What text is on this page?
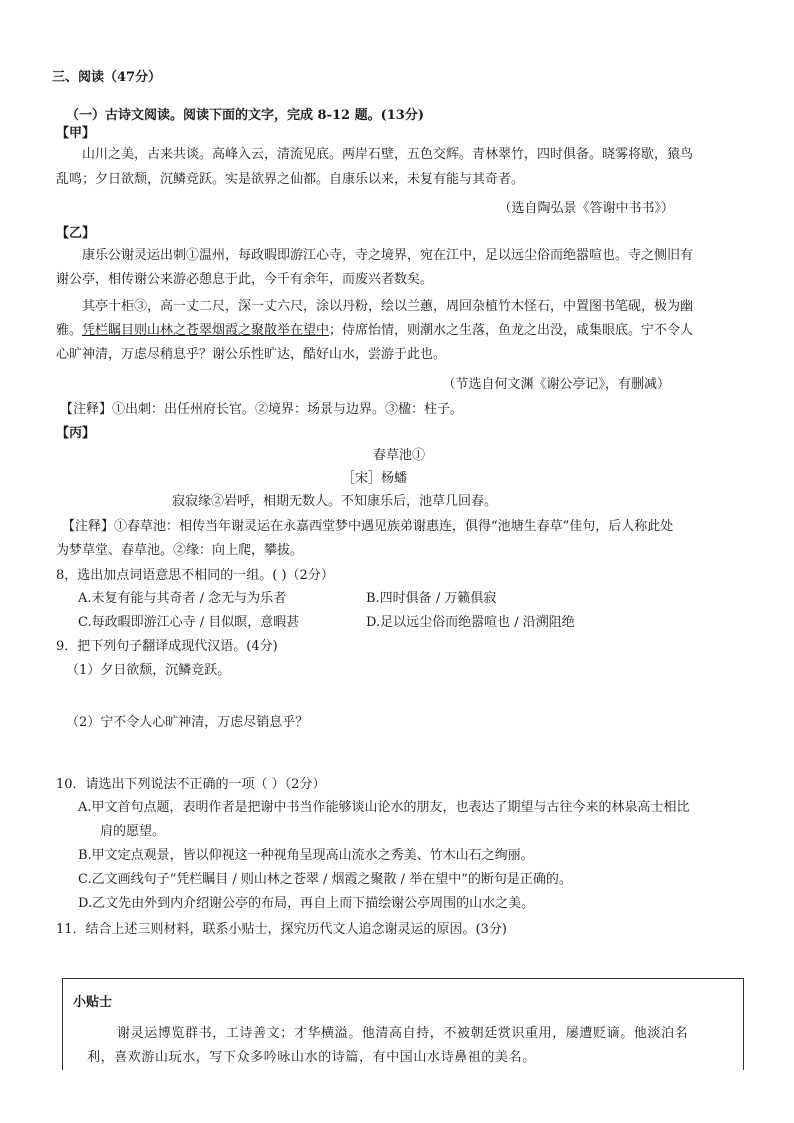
三、阅读（47分）
（一）古诗文阅读。阅读下面的文字，完成 8-12 题。(13分)
【甲】
山川之美，古来共谈。高峰入云，清流见底。两岸石壁，五色交辉。青林翠竹，四时俱备。晓雾将歇，猿鸟
乱鸣；夕日欲颓，沉鳞竞跃。实是欲界之仙都。自康乐以来，未复有能与其奇者。
（选自陶弘景《答谢中书书》）
【乙】
康乐公谢灵运出刺①温州，每政暇即游江心寺，寺之境界，宛在江中，足以远尘俗而绝嚣喧也。寺之侧旧有
谢公亭，相传谢公来游必憩息于此，今千有余年，而废兴者数矣。
其亭十柜③，高一丈二尺，深一丈六尺，涂以丹粉，绘以兰蕙，周回杂植竹木怪石，中置图书笔砚，极为幽
雅。凭栏瞩目则山林之苍翠烟霞之聚散举在望中；侍席怡情，则潮水之生落，鱼龙之出没，咸集眼底。宁不令人
心旷神清，万虑尽稍息乎？谢公乐性旷达，酷好山水，尝游于此也。
（节选自何文渊《谢公亭记》，有删减）
【注释】①出刺：出任州府长官。②境界：场景与边界。③楹：柱子。
【丙】
春草池①
［宋］杨蟠
寂寂缘②岩呼，相期无数人。不知康乐后，池草几回春。
【注释】①春草池：相传当年谢灵运在永嘉西堂梦中遇见族弟谢惠连，俱得“池塘生春草”佳句，后人称此处
为梦草堂、春草池。②缘：向上爬，攀拔。
8，选出加点词语意思不相同的一组。( )（2分）
A.未复有能与其奇者 / 念无与为乐者	B.四时俱备 / 万籁俱寂
C.每政暇即游江心寺 / 目似瞑，意暇甚	D.足以远尘俗而绝嚣喧也 / 沿溯阻绝
9．把下列句子翻译成现代汉语。(4分)
（1）夕日欲颓，沉鳞竞跃。
（2）宁不令人心旷神清，万虑尽销息乎？
10．请选出下列说法不正确的一项（ ）（2分）
A.甲文首句点题，表明作者是把谢中书当作能够谈山论水的朋友，也表达了期望与古往今来的林泉高士相比
肩的愿望。
B.甲文定点观景，皆以仰视这一种视角呈现高山流水之秀美、竹木山石之绚丽。
C.乙文画线句子“凭栏瞩目 / 则山林之苍翠 / 烟霞之聚散 / 举在望中”的断句是正确的。
D.乙文先由外到内介绍谢公亭的布局，再自上而下描绘谢公亭周围的山水之美。
11．结合上述三则材料，联系小贴士，探究历代文人追念谢灵运的原因。(3分)
小贴士
谢灵运博览群书，工诗善文；才华横溢。他清高自持，不被朝廷赏识重用，屡遭贬谪。他淡泊名
利，喜欢游山玩水，写下众多吟咏山水的诗篇，有中国山水诗鼻祖的美名。
